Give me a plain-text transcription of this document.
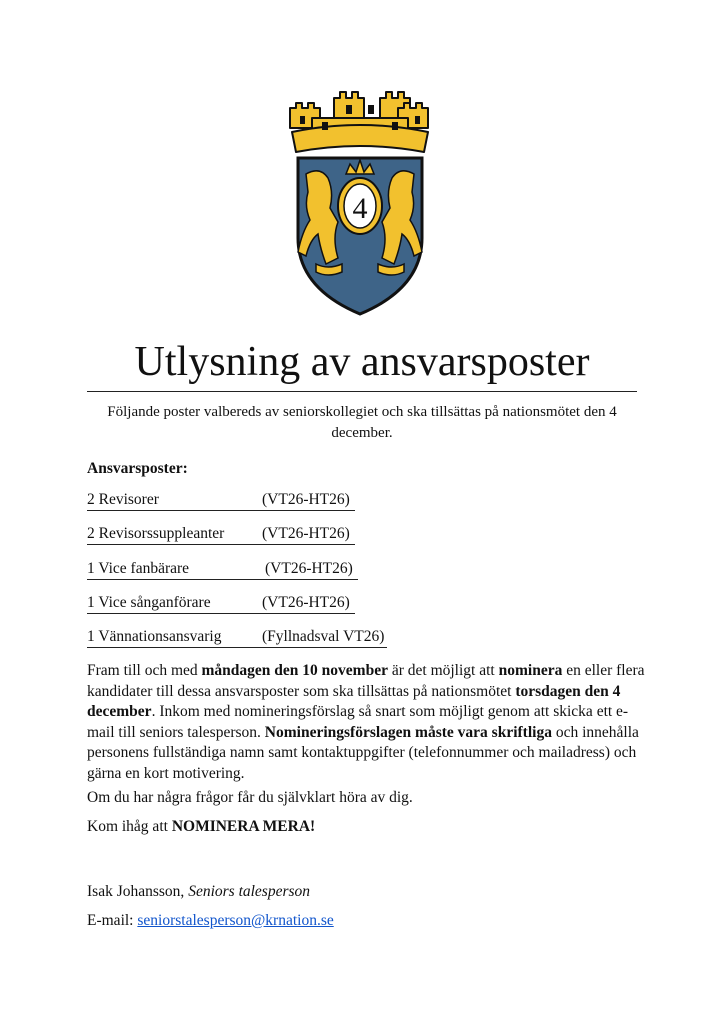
4
Utlysning av ansvarsposter

Följande poster valbereds av seniorskollegiet och ska tillsättas på nationsmötet den 4 december.

Ansvarsposter:

2 Revisorer	(VT26-HT26)
2 Revisorssuppleanter (VT26-HT26)
1 Vice fanbärare	(VT26-HT26)
1 Vice sånganförare	(VT26-HT26)
1 Vännationsansvarig	(Fyllnadsval VT26)

Fram till och med måndagen den 10 november är det möjligt att nominera en eller flera kandidater till dessa ansvarsposter som ska tillsättas på nationsmötet torsdagen den 4 december. Inkom med nomineringsförslag så snart som möjligt genom att skicka ett e-mail till seniors talesperson. Nomineringsförslagen måste vara skriftliga och innehålla personens fullständiga namn samt kontaktuppgifter (telefonnummer och mailadress) och gärna en kort motivering.

Om du har några frågor får du självklart höra av dig.

Kom ihåg att NOMINERA MERA!

Isak Johansson, Seniors talesperson

E-mail: seniorstalesperson@krnation.se
